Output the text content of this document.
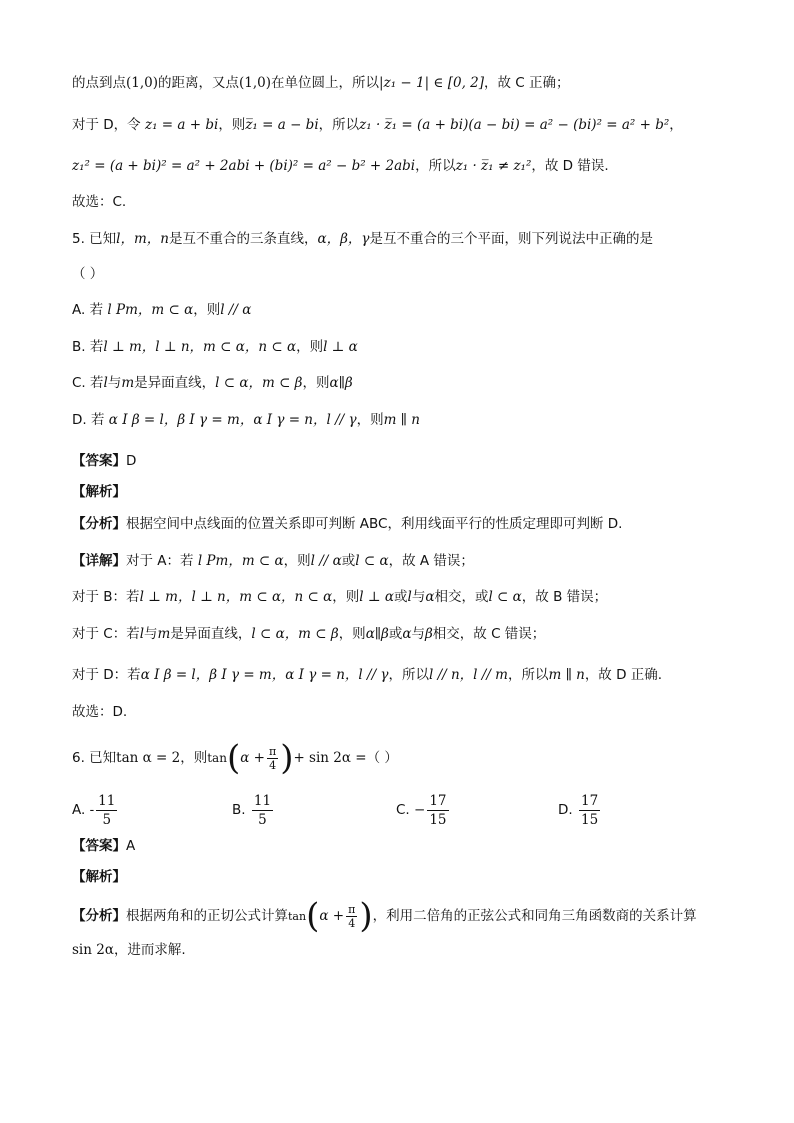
的点到点(1,0)的距离，又点(1,0)在单位圆上，所以|z₁ − 1| ∈ [0, 2]，故 C 正确；
对于 D，令 z₁ = a + bi，则z̅₁ = a − bi，所以z₁ · z̅₁ = (a + bi)(a − bi) = a² − (bi)² = a² + b²，
z₁² = (a + bi)² = a² + 2abi + (bi)² = a² − b² + 2abi，所以z₁ · z̅₁ ≠ z₁²，故 D 错误.
故选：C.
5. 已知l，m，n是互不重合的三条直线，α，β，γ是互不重合的三个平面，则下列说法中正确的是
（ ）
A. 若 l Pm，m ⊂ α，则l // α
B. 若l ⊥ m，l ⊥ n，m ⊂ α，n ⊂ α，则l ⊥ α
C. 若l与m是异面直线，l ⊂ α，m ⊂ β，则α∥β
D. 若 α I β = l，β I γ = m，α I γ = n，l // γ，则m ∥ n
【答案】D
【解析】
【分析】根据空间中点线面的位置关系即可判断 ABC，利用线面平行的性质定理即可判断 D.
【详解】对于 A：若 l Pm，m ⊂ α，则l // α或l ⊂ α，故 A 错误；
对于 B：若l ⊥ m，l ⊥ n，m ⊂ α，n ⊂ α，则l ⊥ α或l与α相交，或l ⊂ α，故 B 错误；
对于 C：若l与m是异面直线，l ⊂ α，m ⊂ β，则α∥β或α与β相交，故 C 错误；
对于 D：若α I β = l，β I γ = m，α I γ = n，l // γ，所以l // n，l // m，所以m ∥ n，故 D 正确.
故选：D.
6. 已知tan α = 2，则$\tan(\alpha + \frac{\pi}{4}$ )+ sin 2α =（ ）
A. - $\frac{11}{5}$	B. $\frac{11}{5}$	C. − $\frac{17}{15}$	D. $\frac{17}{15}$
【答案】A
【解析】
【分析】根据两角和的正切公式计算$\tan(\alpha + \frac{\pi}{4}$ )，利用二倍角的正弦公式和同角三角函数商的关系计算
sin 2α，进而求解.
